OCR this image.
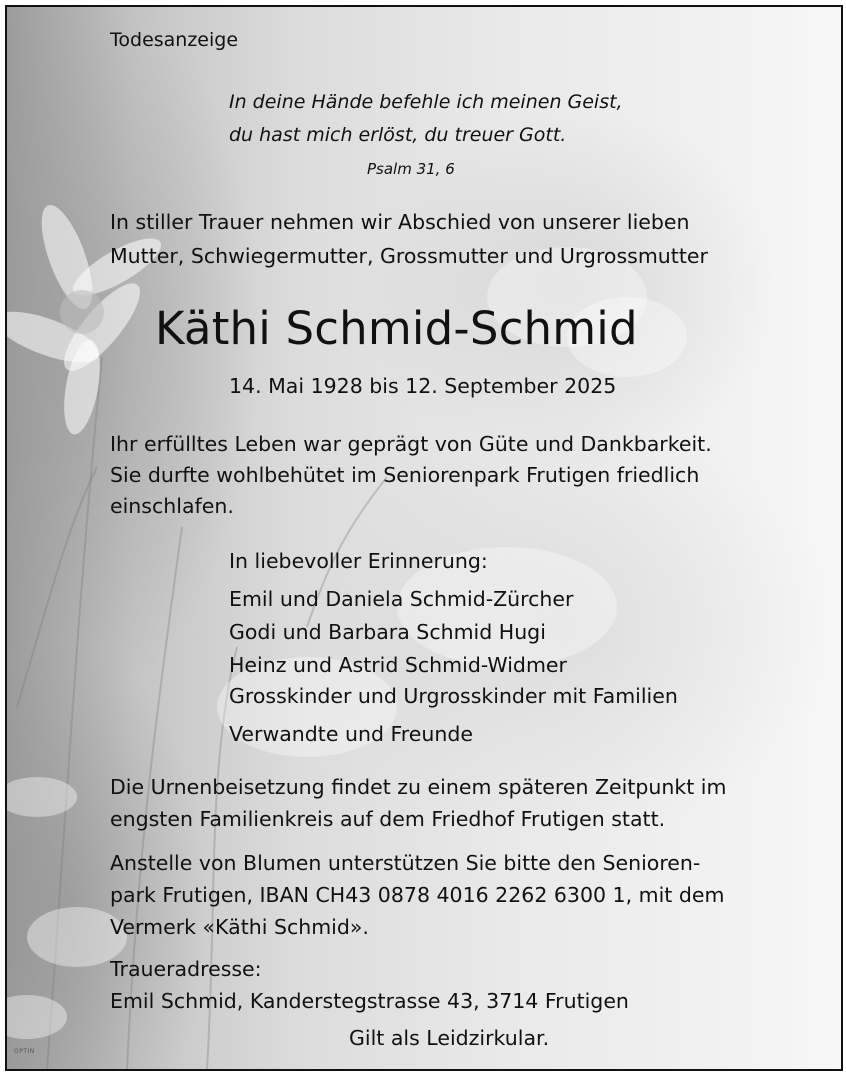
Todesanzeige

In deine Hände befehle ich meinen Geist,

du hast mich erlöst, du treuer Gott.

Psalm 31, 6

In stiller Trauer nehmen wir Abschied von unserer lieben

Mutter, Schwiegermutter, Grossmutter und Urgrossmutter

Käthi Schmid-Schmid

14. Mai 1928 bis 12. September 2025

Ihr erfülltes Leben war geprägt von Güte und Dankbarkeit.

Sie durfte wohlbehütet im Seniorenpark Frutigen friedlich

einschlafen.

In liebevoller Erinnerung:

Emil und Daniela Schmid-Zürcher

Godi und Barbara Schmid Hugi

Heinz und Astrid Schmid-Widmer

Grosskinder und Urgrosskinder mit Familien

Verwandte und Freunde

Die Urnenbeisetzung findet zu einem späteren Zeitpunkt im

engsten Familienkreis auf dem Friedhof Frutigen statt.

Anstelle von Blumen unterstützen Sie bitte den Senioren-

park Frutigen, IBAN CH43 0878 4016 2262 6300 1, mit dem

Vermerk «Käthi Schmid».

Traueradresse:

Emil Schmid, Kanderstegstrasse 43, 3714 Frutigen

Gilt als Leidzirkular.

OPTIN
